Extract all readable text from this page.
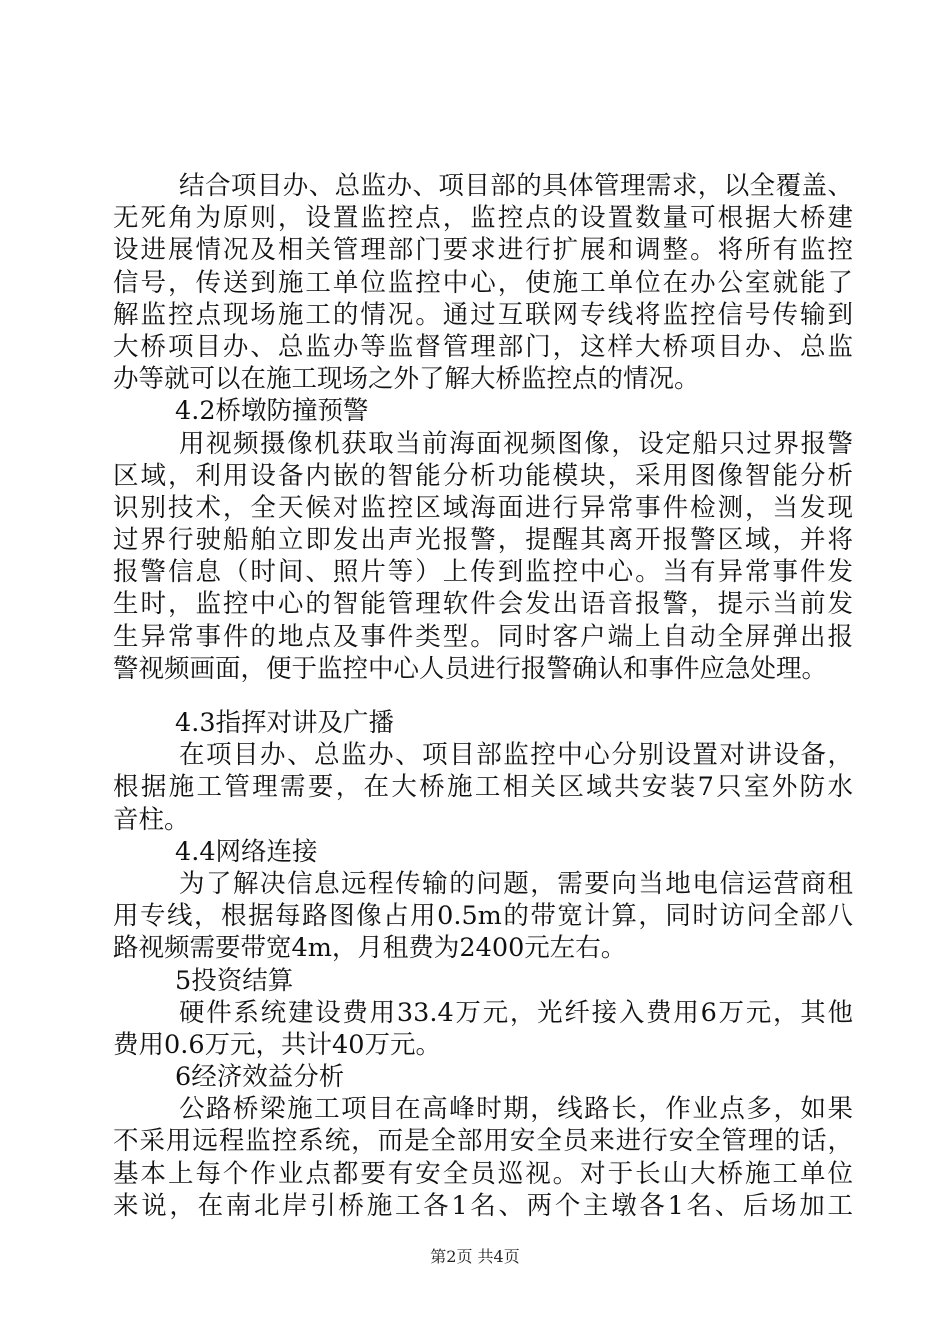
结合项目办、总监办、项目部的具体管理需求，以全覆盖、
无死角为原则，设置监控点，监控点的设置数量可根据大桥建
设进展情况及相关管理部门要求进行扩展和调整。将所有监控
信号，传送到施工单位监控中心，使施工单位在办公室就能了
解监控点现场施工的情况。通过互联网专线将监控信号传输到
大桥项目办、总监办等监督管理部门，这样大桥项目办、总监
办等就可以在施工现场之外了解大桥监控点的情况。
4.2桥墩防撞预警
用视频摄像机获取当前海面视频图像，设定船只过界报警
区域，利用设备内嵌的智能分析功能模块，采用图像智能分析
识别技术，全天候对监控区域海面进行异常事件检测，当发现
过界行驶船舶立即发出声光报警，提醒其离开报警区域，并将
报警信息（时间、照片等）上传到监控中心。当有异常事件发
生时，监控中心的智能管理软件会发出语音报警，提示当前发
生异常事件的地点及事件类型。同时客户端上自动全屏弹出报
警视频画面，便于监控中心人员进行报警确认和事件应急处理。
4.3指挥对讲及广播
在项目办、总监办、项目部监控中心分别设置对讲设备，
根据施工管理需要，在大桥施工相关区域共安装7只室外防水
音柱。
4.4网络连接
为了解决信息远程传输的问题，需要向当地电信运营商租
用专线，根据每路图像占用0.5m的带宽计算，同时访问全部八
路视频需要带宽4m，月租费为2400元左右。
5投资结算
硬件系统建设费用33.4万元，光纤接入费用6万元，其他
费用0.6万元，共计40万元。
6经济效益分析
公路桥梁施工项目在高峰时期，线路长，作业点多，如果
不采用远程监控系统，而是全部用安全员来进行安全管理的话，
基本上每个作业点都要有安全员巡视。对于长山大桥施工单位
来说，在南北岸引桥施工各1名、两个主墩各1名、后场加工
第2页 共4页
